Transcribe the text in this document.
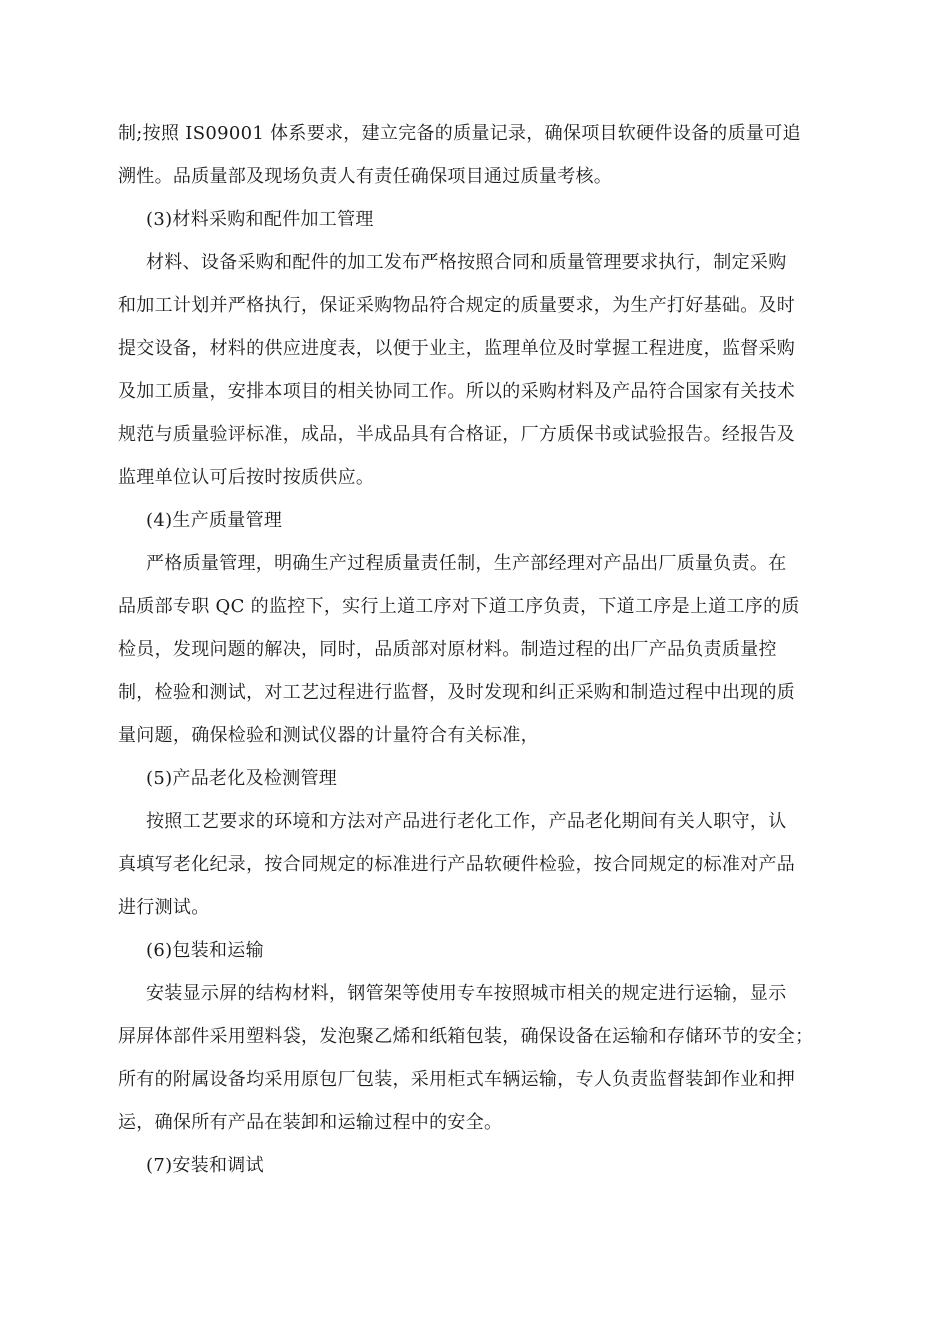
制;按照 IS09001 体系要求，建立完备的质量记录，确保项目软硬件设备的质量可追
溯性。品质量部及现场负责人有责任确保项目通过质量考核。
(3)材料采购和配件加工管理
材料、设备采购和配件的加工发布严格按照合同和质量管理要求执行，制定采购
和加工计划并严格执行，保证采购物品符合规定的质量要求，为生产打好基础。及时
提交设备，材料的供应进度表，以便于业主，监理单位及时掌握工程进度，监督采购
及加工质量，安排本项目的相关协同工作。所以的采购材料及产品符合国家有关技术
规范与质量验评标准，成品，半成品具有合格证，厂方质保书或试验报告。经报告及
监理单位认可后按时按质供应。
(4)生产质量管理
严格质量管理，明确生产过程质量责任制，生产部经理对产品出厂质量负责。在
品质部专职 QC 的监控下，实行上道工序对下道工序负责，下道工序是上道工序的质
检员，发现问题的解决，同时，品质部对原材料。制造过程的出厂产品负责质量控
制，检验和测试，对工艺过程进行监督，及时发现和纠正采购和制造过程中出现的质
量问题，确保检验和测试仪器的计量符合有关标准，
(5)产品老化及检测管理
按照工艺要求的环境和方法对产品进行老化工作，产品老化期间有关人职守，认
真填写老化纪录，按合同规定的标准进行产品软硬件检验，按合同规定的标准对产品
进行测试。
(6)包装和运输
安装显示屏的结构材料，钢管架等使用专车按照城市相关的规定进行运输，显示
屏屏体部件采用塑料袋，发泡聚乙烯和纸箱包装，确保设备在运输和存储环节的安全；
所有的附属设备均采用原包厂包装，采用柜式车辆运输，专人负责监督装卸作业和押
运，确保所有产品在装卸和运输过程中的安全。
(7)安装和调试
